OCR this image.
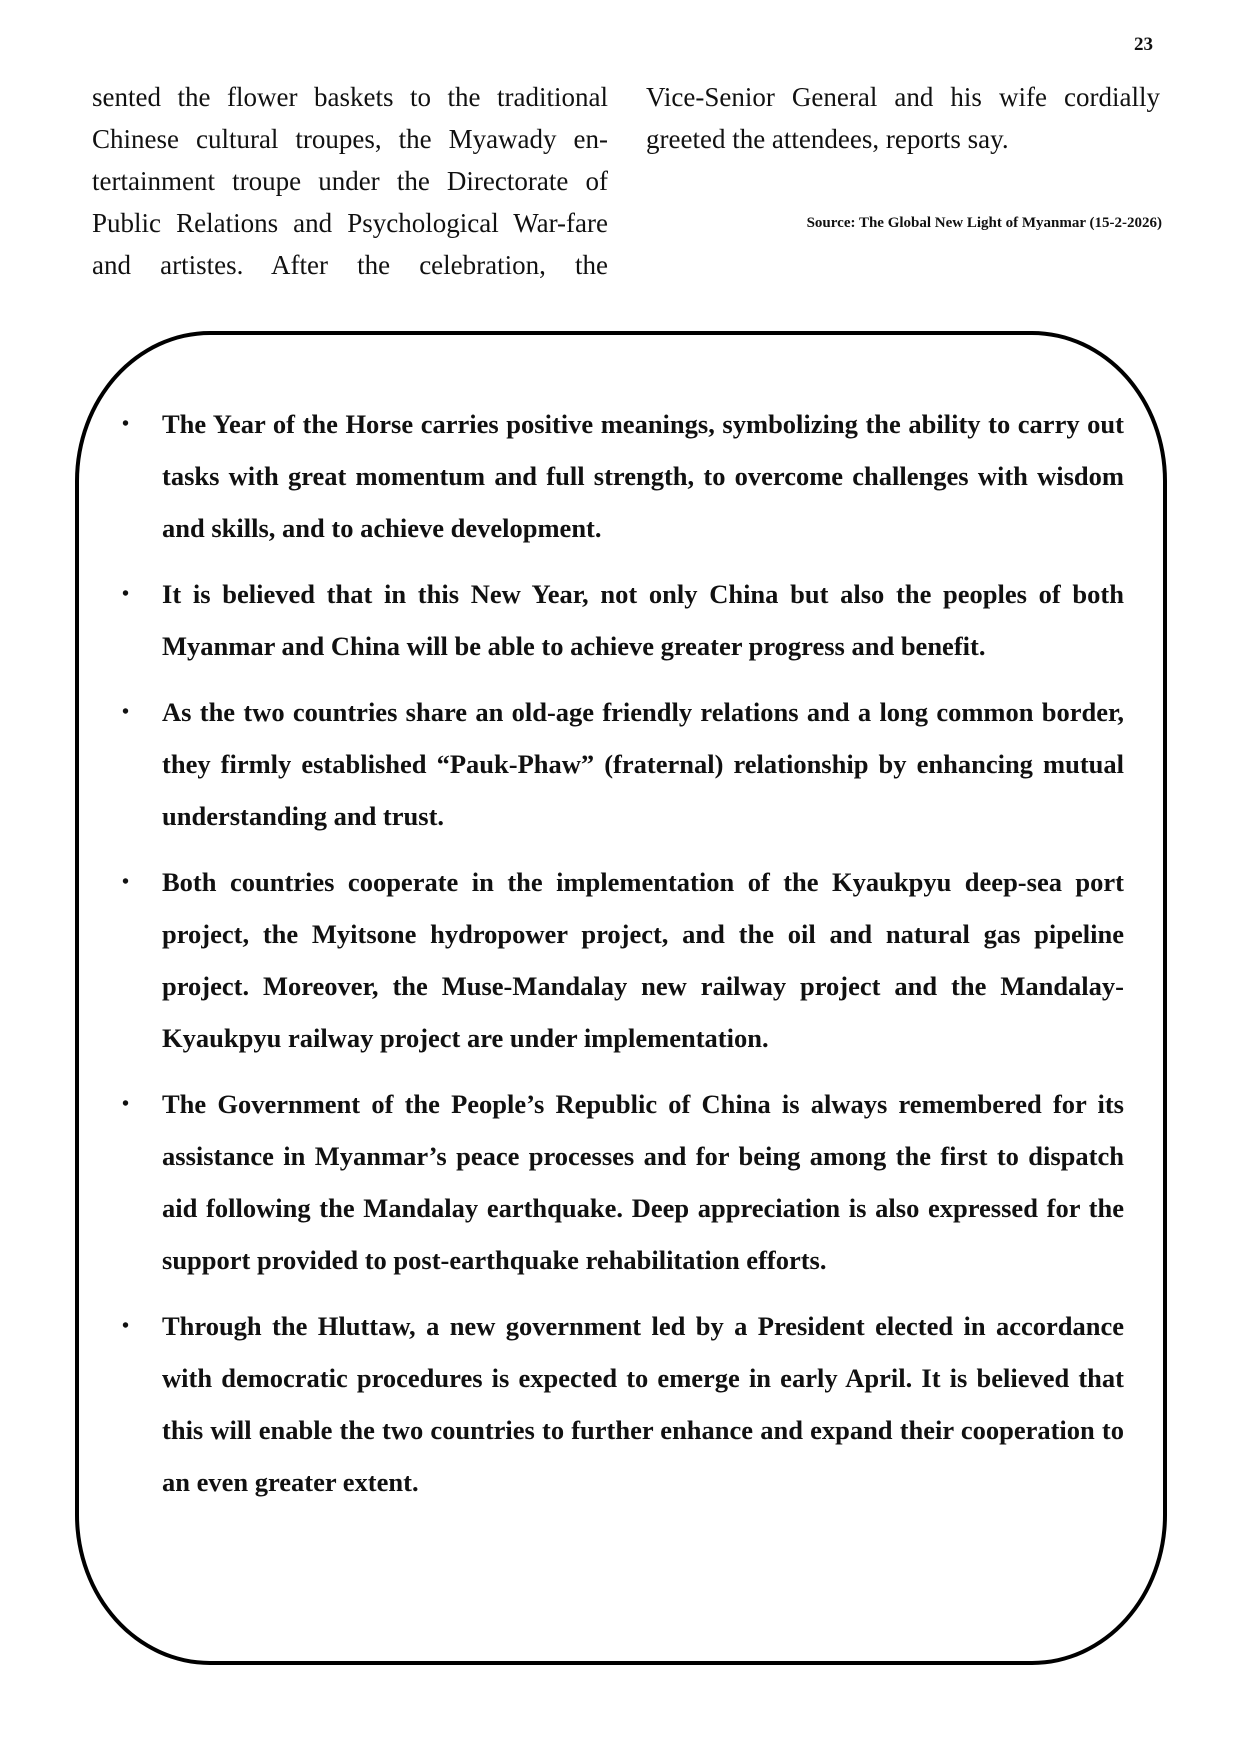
23

sented the flower baskets to the traditional Chinese cultural troupes, the Myawady en-tertainment troupe under the Directorate of Public Relations and Psychological War-fare and artistes. After the celebration, the

Vice-Senior General and his wife cordially greeted the attendees, reports say.

Source: The Global New Light of Myanmar (15-2-2026)
• The Year of the Horse carries positive meanings, symbolizing the ability to carry out tasks with great momentum and full strength, to overcome challenges with wisdom and skills, and to achieve development.
• It is believed that in this New Year, not only China but also the peoples of both Myanmar and China will be able to achieve greater progress and benefit.
• As the two countries share an old-age friendly relations and a long common border, they firmly established “Pauk-Phaw” (fraternal) relationship by enhancing mutual understanding and trust.
• Both countries cooperate in the implementation of the Kyaukpyu deep-sea port project, the Myitsone hydropower project, and the oil and natural gas pipeline project. Moreover, the Muse-Mandalay new railway project and the Mandalay-Kyaukpyu railway project are under implementation.
• The Government of the People’s Republic of China is always remembered for its assistance in Myanmar’s peace processes and for being among the first to dispatch aid following the Mandalay earthquake. Deep appreciation is also expressed for the support provided to post-earthquake rehabilitation efforts.
• Through the Hluttaw, a new government led by a President elected in accordance with democratic procedures is expected to emerge in early April. It is believed that this will enable the two countries to further enhance and expand their cooperation to an even greater extent.
